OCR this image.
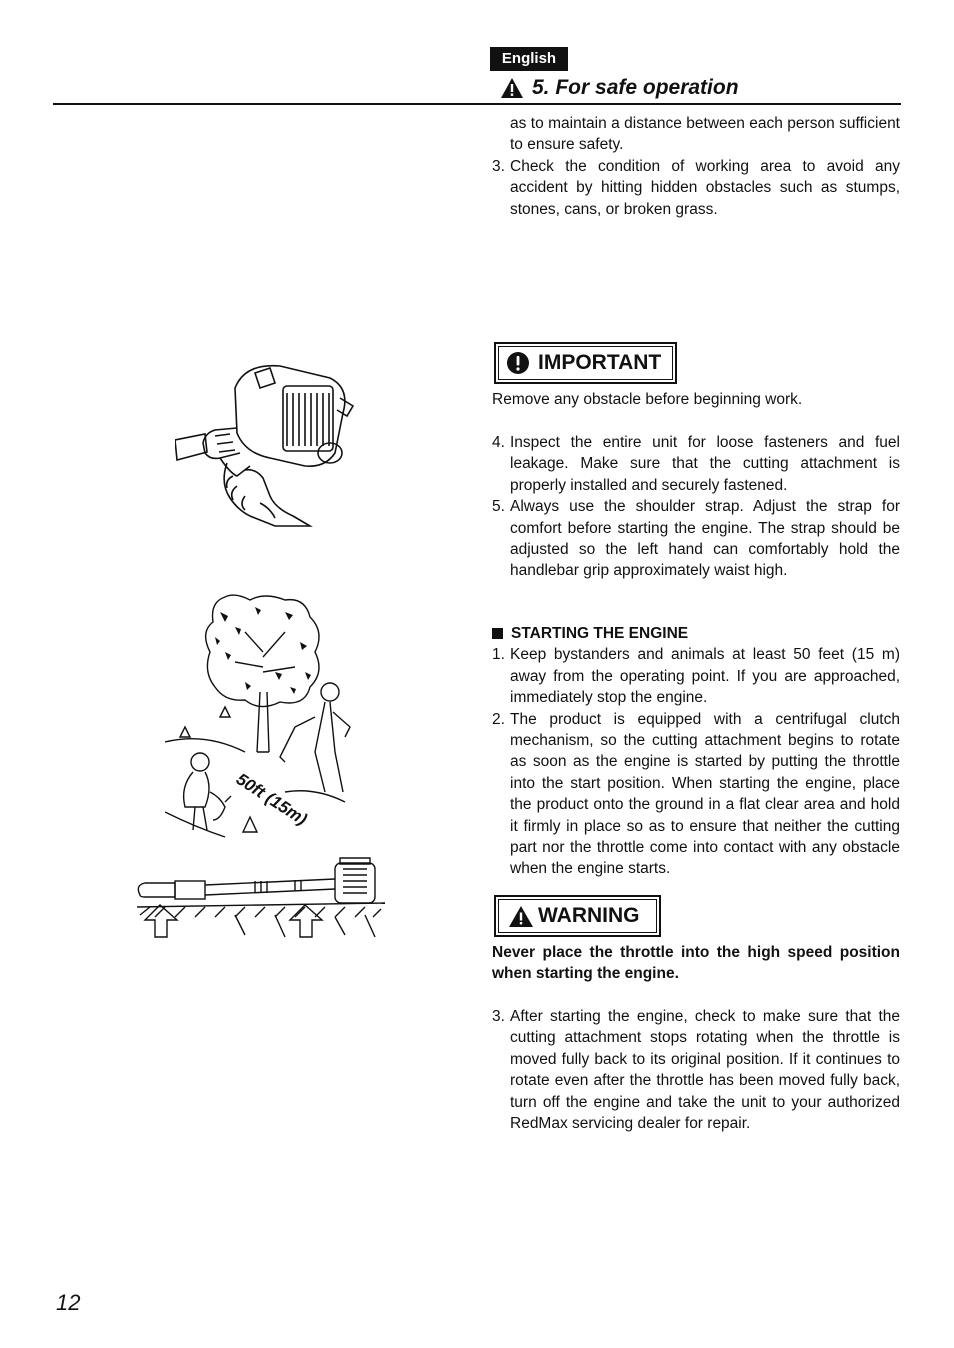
English
5. For safe operation
as to maintain a distance between each person sufficient to ensure safety.
3. Check the condition of working area to avoid any accident by hitting hidden obstacles such as stumps, stones, cans, or broken grass.
IMPORTANT
Remove any obstacle before beginning work.
4. Inspect the entire unit for loose fasteners and fuel leakage. Make sure that the cutting attachment is properly installed and securely fastened.
5. Always use the shoulder strap. Adjust the strap for comfort before starting the engine. The strap should be adjusted so the left hand can comfortably hold the handlebar grip approximately waist high.
STARTING THE ENGINE
1. Keep bystanders and animals at least 50 feet (15 m) away from the operating point. If you are approached, immediately stop the engine.
2. The product is equipped with a centrifugal clutch mechanism, so the cutting attachment begins to rotate as soon as the engine is started by putting the throttle into the start position. When starting the engine, place the product onto the ground in a flat clear area and hold it firmly in place so as to ensure that neither the cutting part nor the throttle come into contact with any obstacle when the engine starts.
WARNING
Never place the throttle into the high speed position when starting the engine.
3. After starting the engine, check to make sure that the cutting attachment stops rotating when the throttle is moved fully back to its original position. If it continues to rotate even after the throttle has been moved fully back, turn off the engine and take the unit to your authorized RedMax servicing dealer for repair.
50ft (15m)
12
